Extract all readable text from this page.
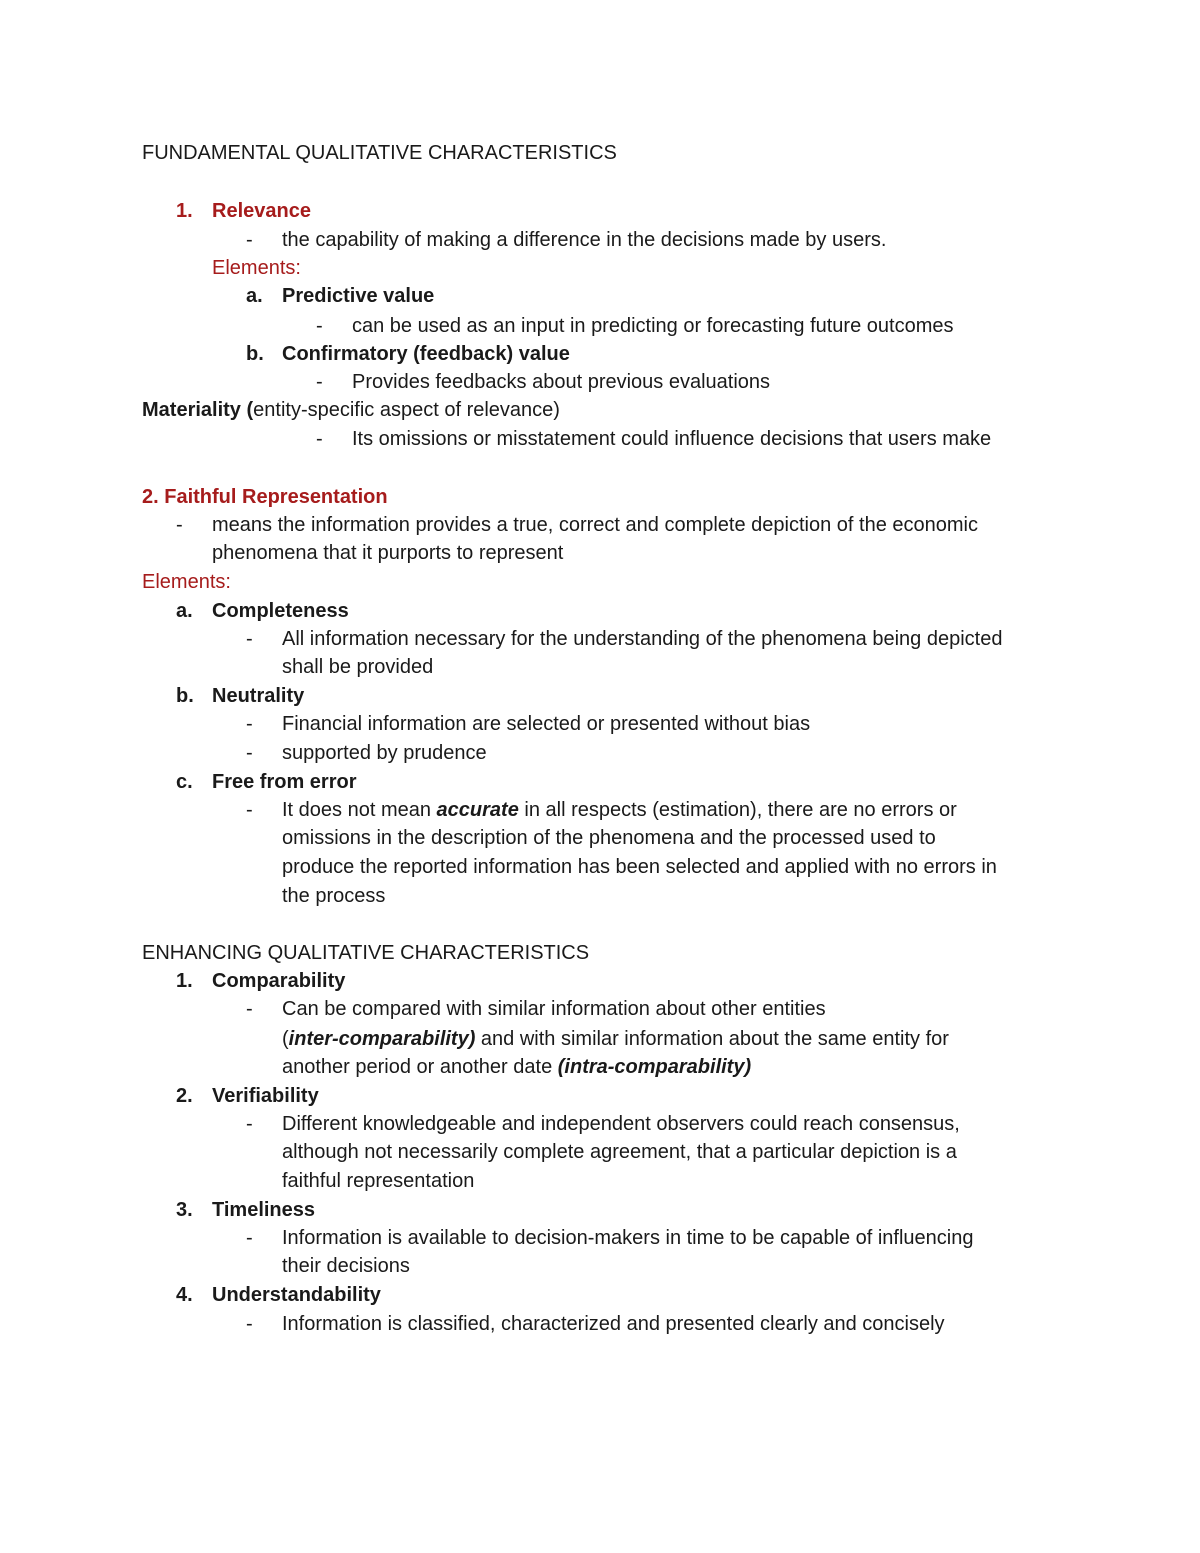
FUNDAMENTAL QUALITATIVE CHARACTERISTICS
1. Relevance
- the capability of making a difference in the decisions made by users.
Elements:
a. Predictive value
- can be used as an input in predicting or forecasting future outcomes
b. Confirmatory (feedback) value
- Provides feedbacks about previous evaluations
Materiality (entity-specific aspect of relevance)
- Its omissions or misstatement could influence decisions that users make
2. Faithful Representation
- means the information provides a true, correct and complete depiction of the economic
phenomena that it purports to represent
Elements:
a. Completeness
- All information necessary for the understanding of the phenomena being depicted
shall be provided
b. Neutrality
- Financial information are selected or presented without bias
- supported by prudence
c. Free from error
- It does not mean accurate in all respects (estimation), there are no errors or
omissions in the description of the phenomena and the processed used to
produce the reported information has been selected and applied with no errors in
the process
ENHANCING QUALITATIVE CHARACTERISTICS
1. Comparability
- Can be compared with similar information about other entities
(inter-comparability) and with similar information about the same entity for
another period or another date (intra-comparability)
2. Verifiability
- Different knowledgeable and independent observers could reach consensus,
although not necessarily complete agreement, that a particular depiction is a
faithful representation
3. Timeliness
- Information is available to decision-makers in time to be capable of influencing
their decisions
4. Understandability
- Information is classified, characterized and presented clearly and concisely
